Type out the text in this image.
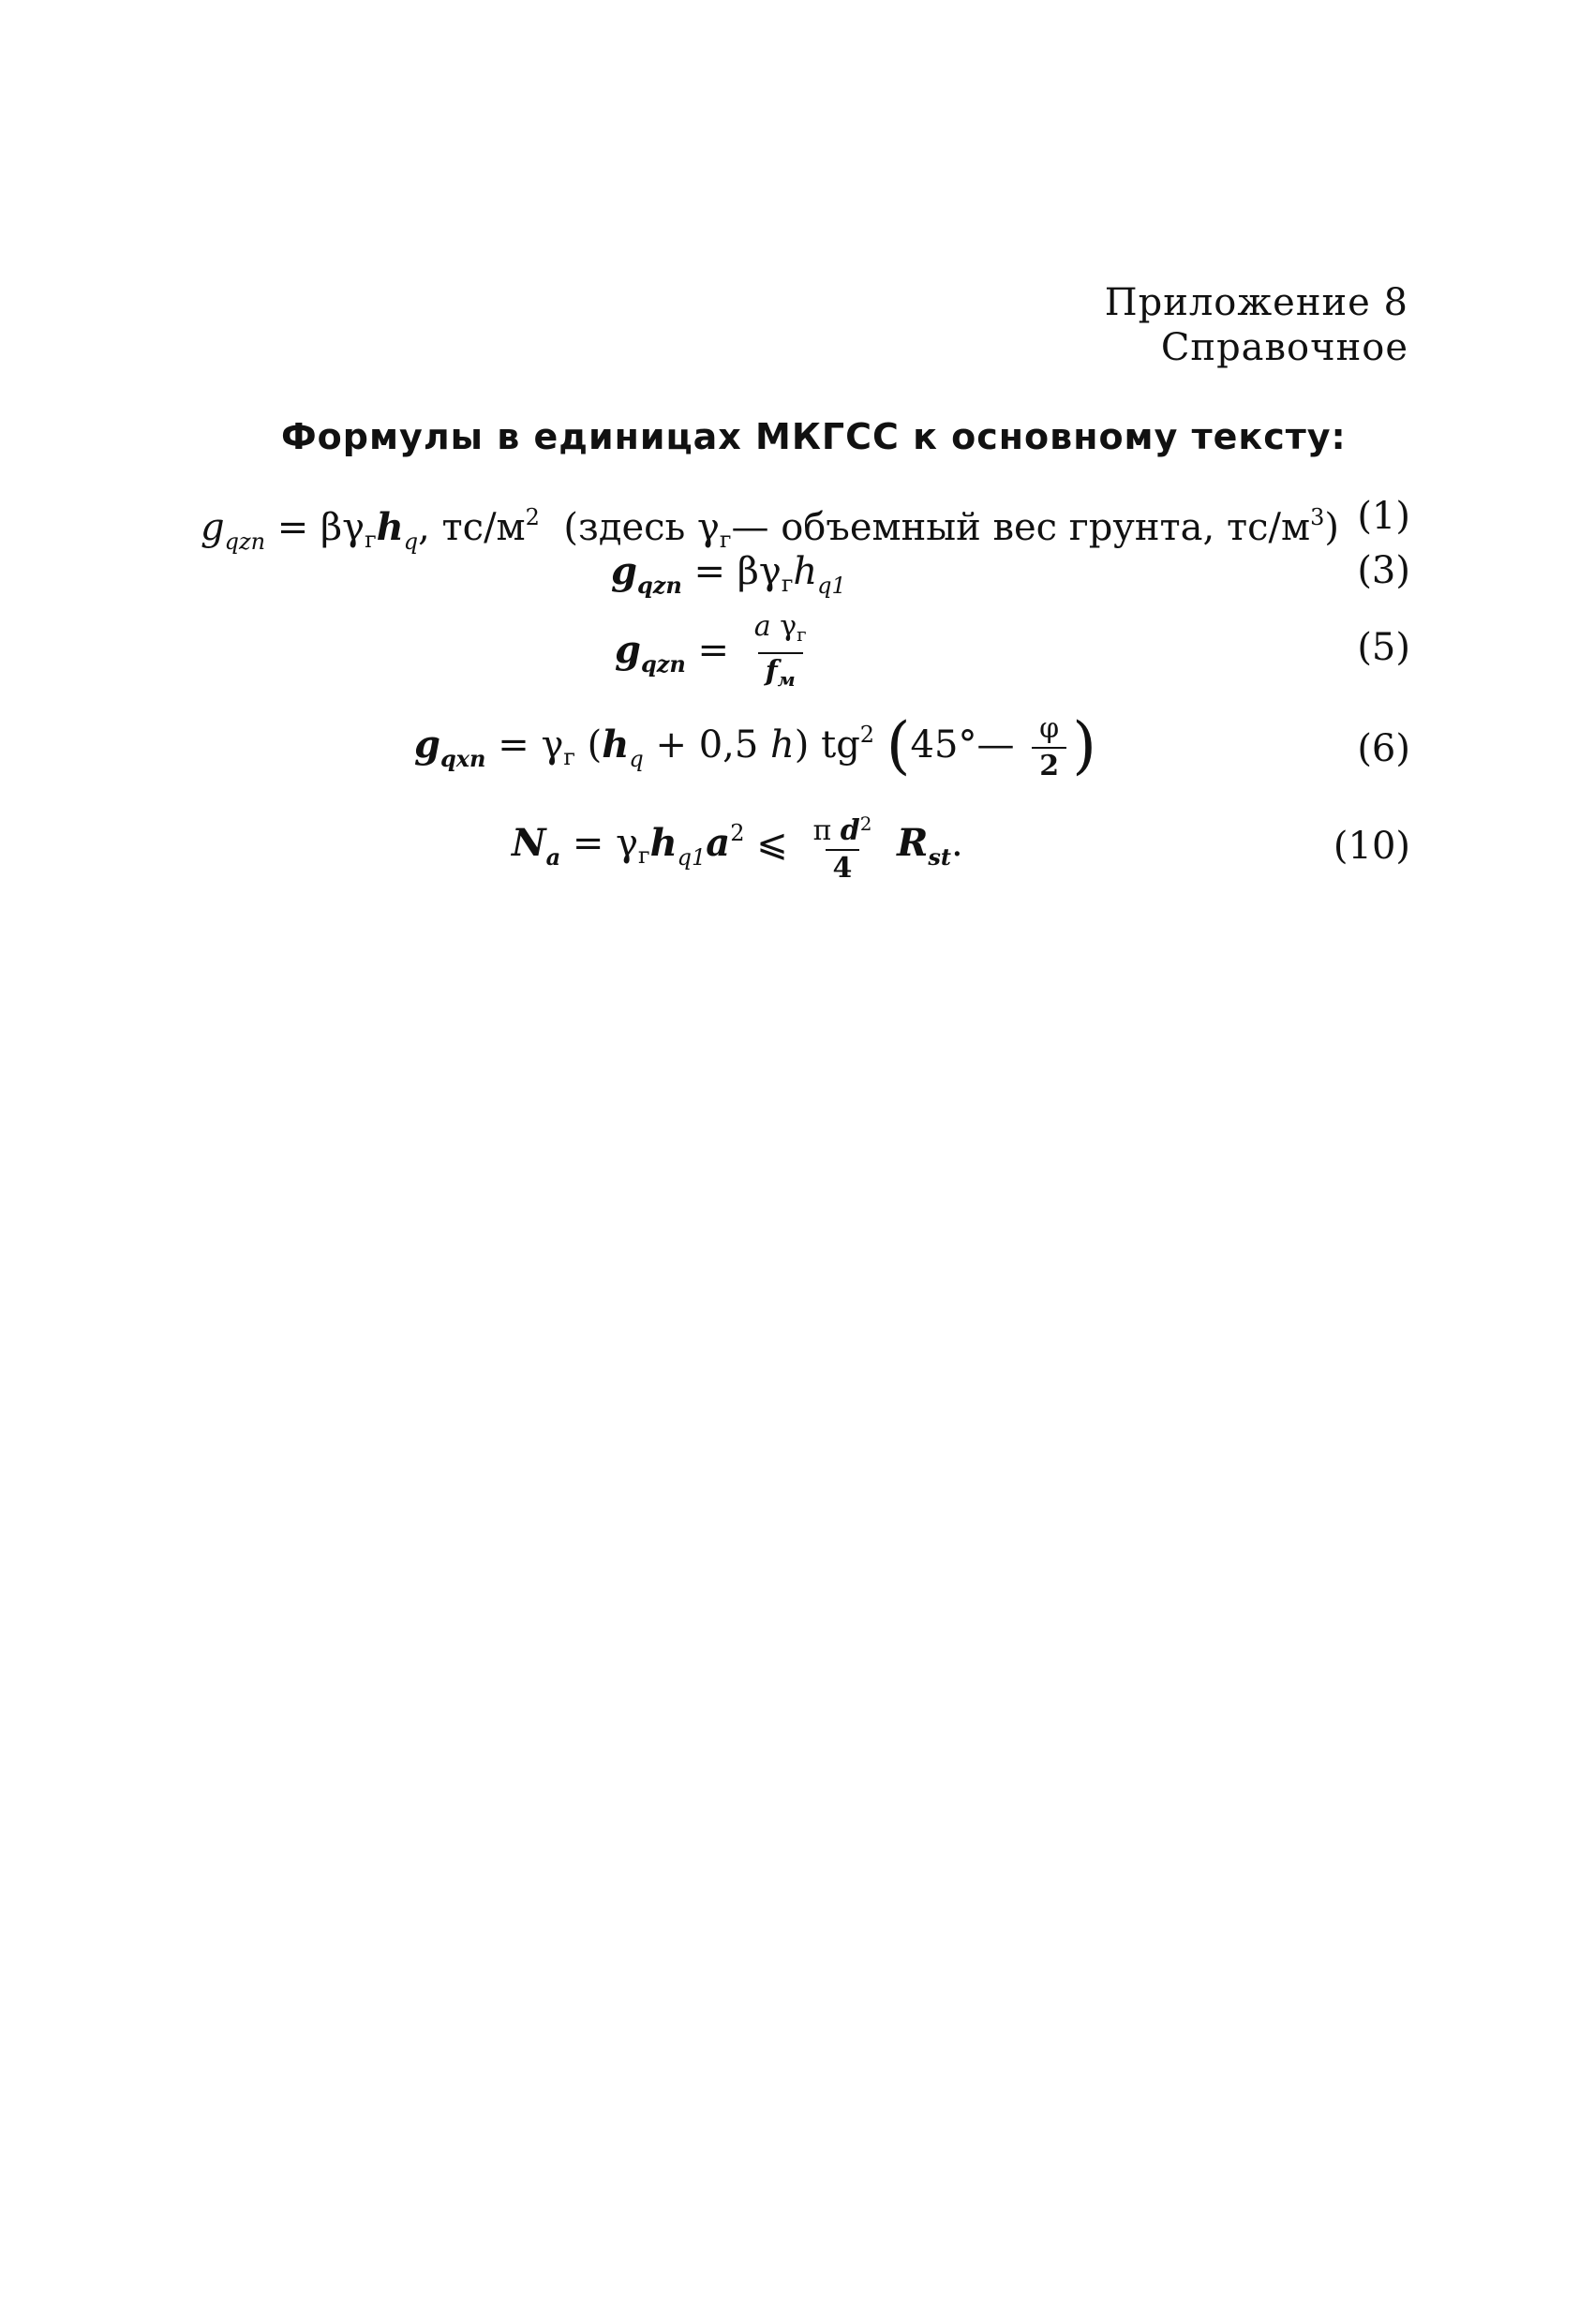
Приложение 8
Справочное
Формулы в единицах МКГСС к основному тексту:
$g_{qzn} = \beta\gamma_гh_q$, $тс/м^2$ (здесь $\gamma_г—$ объемный вес грунта, $тс/м^3$) (1)
$g_{qzn} = \beta\gamma_гh_{q1}$	(3)
$g_{qzn} = \frac{a \gamma_г}{f_м}$	(5)
$g_{qxn} = \gamma_г$ ($h_q + 0,5$ h) $tg^2$ (45°— $\frac{\varphi}{2}$ )	(6)
$N_a = \gamma_гh_{q1}a^2$ ⩽ $\frac{\pi d^2}{4} R_{st}$.	(10)
